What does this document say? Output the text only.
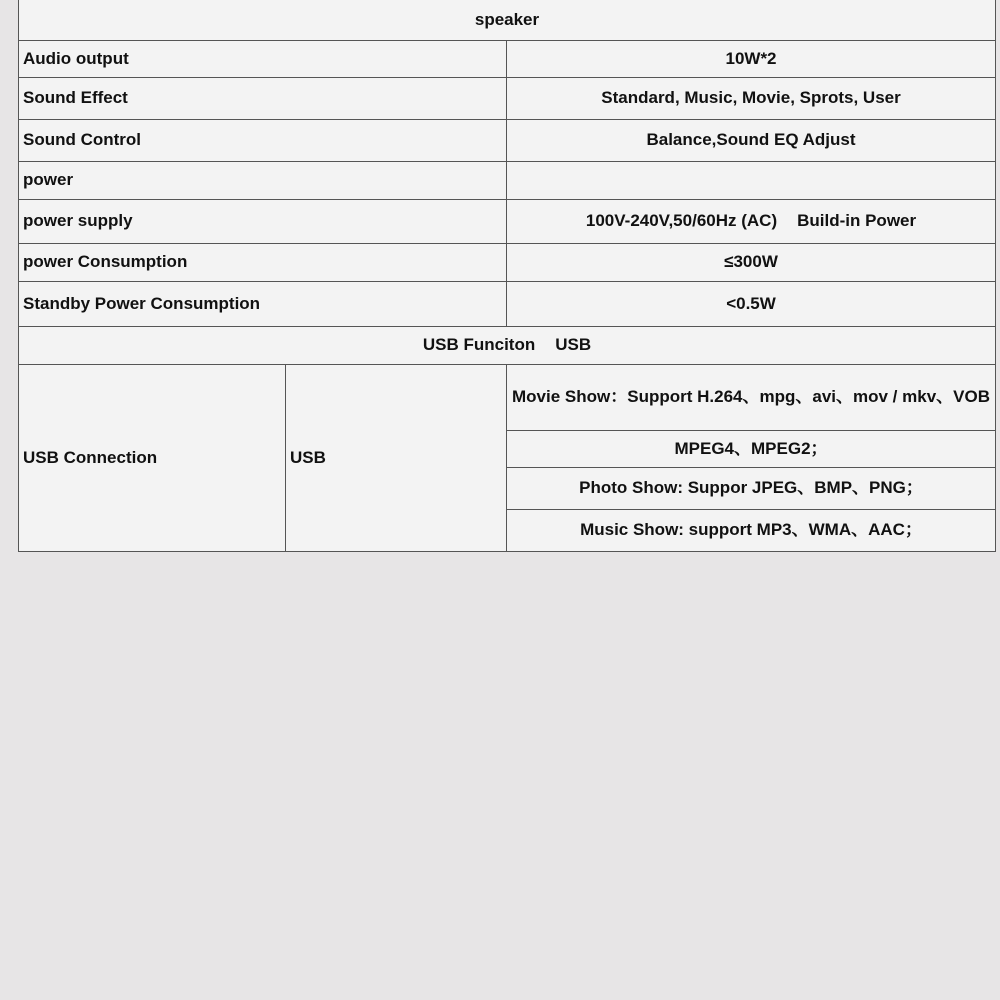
speaker		
Audio output		10W*2
Sound Effect		Standard, Music, Movie, Sprots, User
Sound Control		Balance,Sound EQ Adjust
power		
power supply		100V-240V,50/60Hz (AC) Build-in Power
power Consumption		≤300W
Standby Power Consumption		<0.5W
USB Funciton USB		
USB Connection	USB	Movie Show：Support H.264、mpg、avi、mov / mkv、VOB
		MPEG4、MPEG2；
		Photo Show: Suppor JPEG、BMP、PNG；
		Music Show: support MP3、WMA、AAC；
